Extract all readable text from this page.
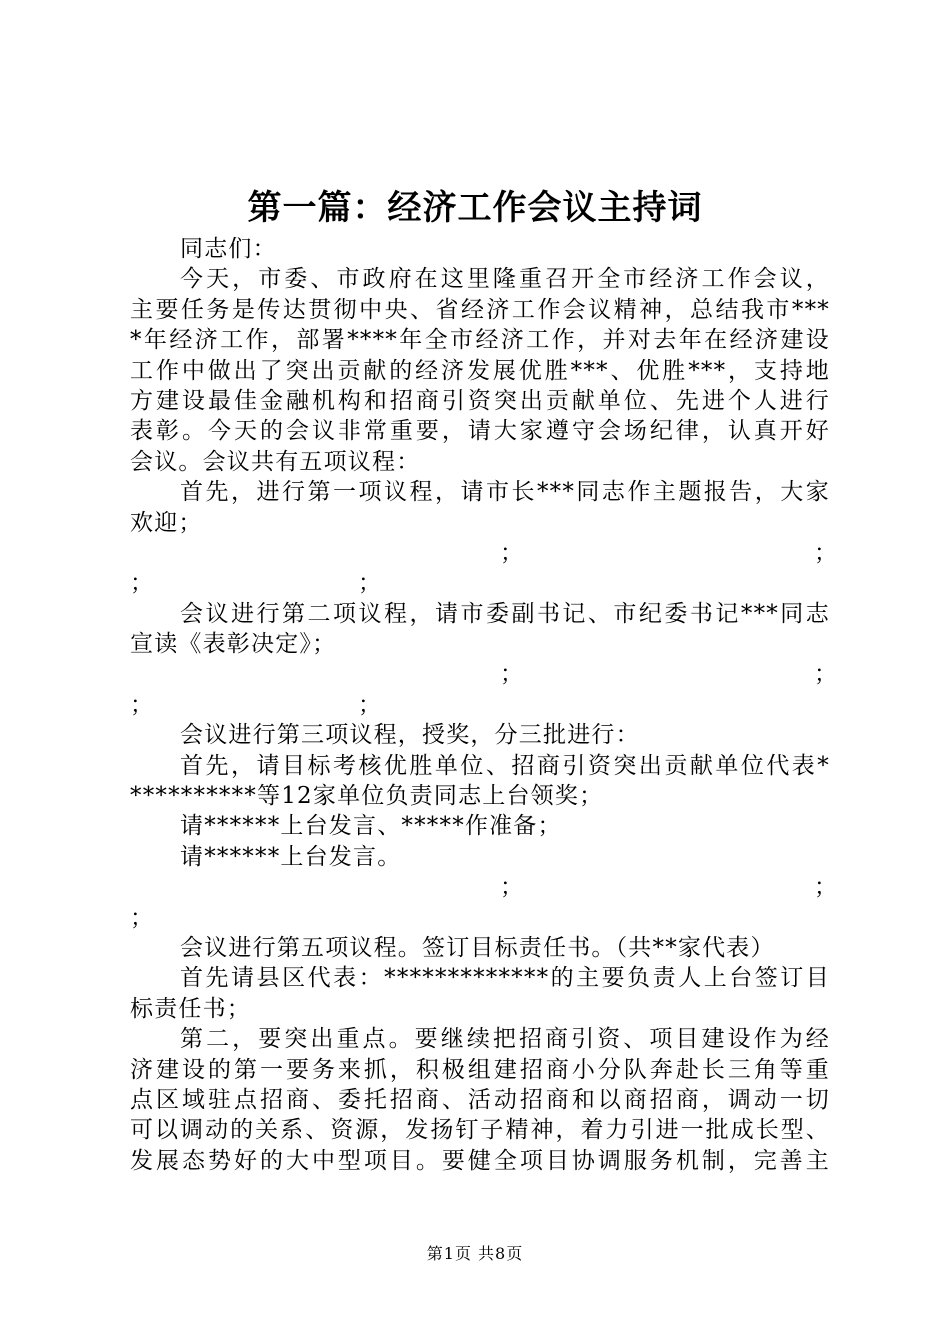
第一篇：经济工作会议主持词
同志们：
今天，市委、市政府在这里隆重召开全市经济工作会议，
主要任务是传达贯彻中央、省经济工作会议精神，总结我市***
*年经济工作，部署****年全市经济工作，并对去年在经济建设
工作中做出了突出贡献的经济发展优胜***、优胜***，支持地
方建设最佳金融机构和招商引资突出贡献单位、先进个人进行
表彰。今天的会议非常重要，请大家遵守会场纪律，认真开好
会议。会议共有五项议程：
首先，进行第一项议程，请市长***同志作主题报告，大家
欢迎；
；	；
；	；
会议进行第二项议程，请市委副书记、市纪委书记***同志
宣读《表彰决定》；
；	；
；	；
会议进行第三项议程，授奖，分三批进行：
首先，请目标考核优胜单位、招商引资突出贡献单位代表*
**********等12家单位负责同志上台领奖；
请******上台发言、*****作准备；
请******上台发言。
；	；
；
会议进行第五项议程。签订目标责任书。（共**家代表）
首先请县区代表：*************的主要负责人上台签订目
标责任书；
第二，要突出重点。要继续把招商引资、项目建设作为经
济建设的第一要务来抓，积极组建招商小分队奔赴长三角等重
点区域驻点招商、委托招商、活动招商和以商招商，调动一切
可以调动的关系、资源，发扬钉子精神，着力引进一批成长型、
发展态势好的大中型项目。要健全项目协调服务机制，完善主
第1页 共8页
